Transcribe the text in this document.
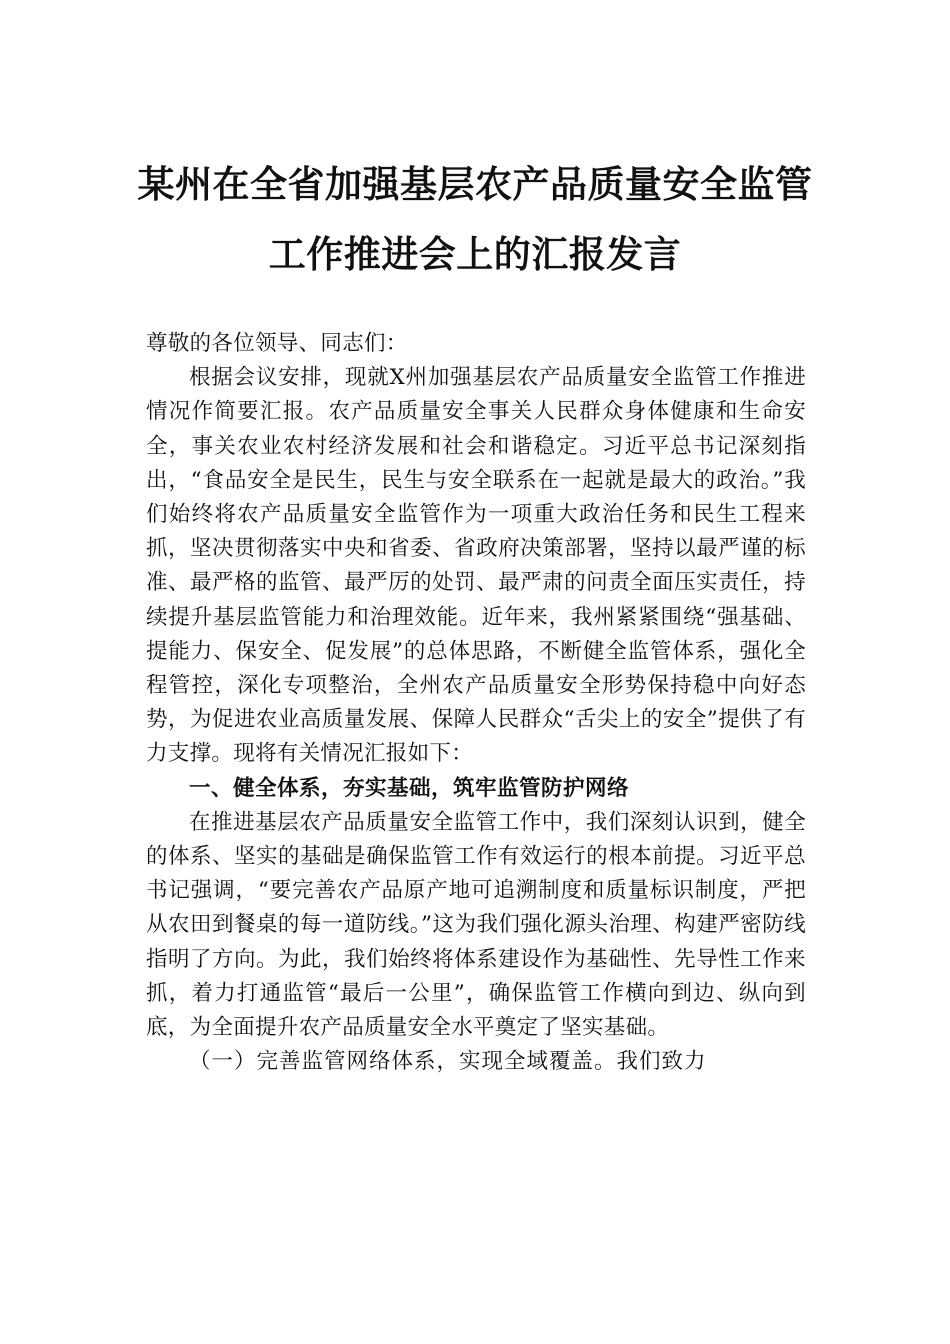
某州在全省加强基层农产品质量安全监管
工作推进会上的汇报发言

尊敬的各位领导、同志们：

根据会议安排，现就X州加强基层农产品质量安全监管工作推进情况作简要汇报。农产品质量安全事关人民群众身体健康和生命安全，事关农业农村经济发展和社会和谐稳定。习近平总书记深刻指出，“食品安全是民生，民生与安全联系在一起就是最大的政治。”我们始终将农产品质量安全监管作为一项重大政治任务和民生工程来抓，坚决贯彻落实中央和省委、省政府决策部署，坚持以最严谨的标准、最严格的监管、最严厉的处罚、最严肃的问责全面压实责任，持续提升基层监管能力和治理效能。近年来，我州紧紧围绕“强基础、提能力、保安全、促发展”的总体思路，不断健全监管体系，强化全程管控，深化专项整治，全州农产品质量安全形势保持稳中向好态势，为促进农业高质量发展、保障人民群众“舌尖上的安全”提供了有力支撑。现将有关情况汇报如下：

一、健全体系，夯实基础，筑牢监管防护网络

在推进基层农产品质量安全监管工作中，我们深刻认识到，健全的体系、坚实的基础是确保监管工作有效运行的根本前提。习近平总书记强调，“要完善农产品原产地可追溯制度和质量标识制度，严把从农田到餐桌的每一道防线。”这为我们强化源头治理、构建严密防线指明了方向。为此，我们始终将体系建设作为基础性、先导性工作来抓，着力打通监管“最后一公里”，确保监管工作横向到边、纵向到底，为全面提升农产品质量安全水平奠定了坚实基础。

（一）完善监管网络体系，实现全域覆盖。我们致力
